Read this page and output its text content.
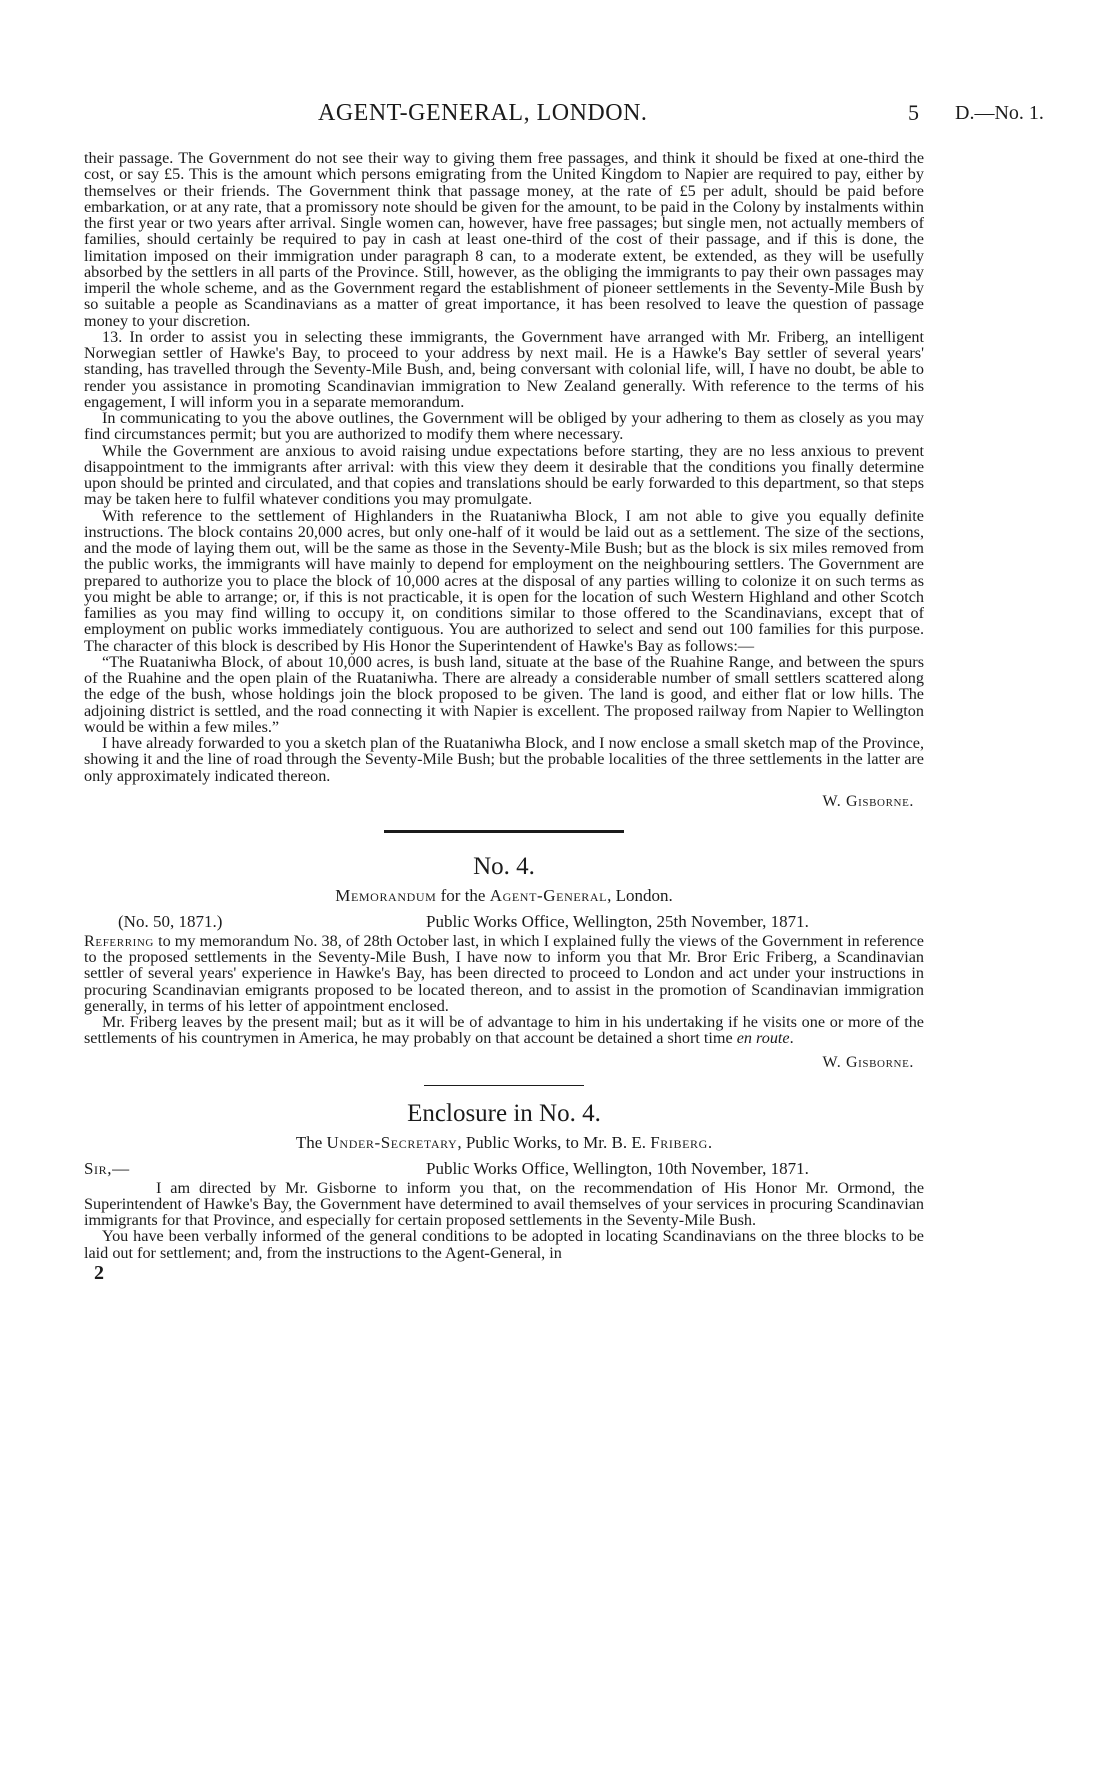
AGENT-GENERAL, LONDON.	5 D.—No. 1.

their passage. The Government do not see their way to giving them free passages, and think it should be fixed at one-third the cost, or say £5. This is the amount which persons emigrating from the United Kingdom to Napier are required to pay, either by themselves or their friends. The Government think that passage money, at the rate of £5 per adult, should be paid before embarkation, or at any rate, that a promissory note should be given for the amount, to be paid in the Colony by instalments within the first year or two years after arrival. Single women can, however, have free passages; but single men, not actually members of families, should certainly be required to pay in cash at least one-third of the cost of their passage, and if this is done, the limitation imposed on their immigration under paragraph 8 can, to a moderate extent, be extended, as they will be usefully absorbed by the settlers in all parts of the Province. Still, however, as the obliging the immigrants to pay their own passages may imperil the whole scheme, and as the Government regard the establishment of pioneer settlements in the Seventy-Mile Bush by so suitable a people as Scandinavians as a matter of great importance, it has been resolved to leave the question of passage money to your discretion.

13. In order to assist you in selecting these immigrants, the Government have arranged with Mr. Friberg, an intelligent Norwegian settler of Hawke's Bay, to proceed to your address by next mail. He is a Hawke's Bay settler of several years' standing, has travelled through the Seventy-Mile Bush, and, being conversant with colonial life, will, I have no doubt, be able to render you assistance in promoting Scandinavian immigration to New Zealand generally. With reference to the terms of his engagement, I will inform you in a separate memorandum.

In communicating to you the above outlines, the Government will be obliged by your adhering to them as closely as you may find circumstances permit; but you are authorized to modify them where necessary.

While the Government are anxious to avoid raising undue expectations before starting, they are no less anxious to prevent disappointment to the immigrants after arrival: with this view they deem it desirable that the conditions you finally determine upon should be printed and circulated, and that copies and translations should be early forwarded to this department, so that steps may be taken here to fulfil whatever conditions you may promulgate.

With reference to the settlement of Highlanders in the Ruataniwha Block, I am not able to give you equally definite instructions. The block contains 20,000 acres, but only one-half of it would be laid out as a settlement. The size of the sections, and the mode of laying them out, will be the same as those in the Seventy-Mile Bush; but as the block is six miles removed from the public works, the immigrants will have mainly to depend for employment on the neighbouring settlers. The Government are prepared to authorize you to place the block of 10,000 acres at the disposal of any parties willing to colonize it on such terms as you might be able to arrange; or, if this is not practicable, it is open for the location of such Western Highland and other Scotch families as you may find willing to occupy it, on conditions similar to those offered to the Scandinavians, except that of employment on public works immediately contiguous. You are authorized to select and send out 100 families for this purpose. The character of this block is described by His Honor the Superintendent of Hawke's Bay as follows:—

“The Ruataniwha Block, of about 10,000 acres, is bush land, situate at the base of the Ruahine Range, and between the spurs of the Ruahine and the open plain of the Ruataniwha. There are already a considerable number of small settlers scattered along the edge of the bush, whose holdings join the block proposed to be given. The land is good, and either flat or low hills. The adjoining district is settled, and the road connecting it with Napier is excellent. The proposed railway from Napier to Wellington would be within a few miles.”

I have already forwarded to you a sketch plan of the Ruataniwha Block, and I now enclose a small sketch map of the Province, showing it and the line of road through the Seventy-Mile Bush; but the probable localities of the three settlements in the latter are only approximately indicated thereon.

W. Gisborne.

No. 4.

Memorandum for the Agent-General, London.

(No. 50, 1871.)	Public Works Office, Wellington, 25th November, 1871.

Referring to my memorandum No. 38, of 28th October last, in which I explained fully the views of the Government in reference to the proposed settlements in the Seventy-Mile Bush, I have now to inform you that Mr. Bror Eric Friberg, a Scandinavian settler of several years' experience in Hawke's Bay, has been directed to proceed to London and act under your instructions in procuring Scandinavian emigrants proposed to be located thereon, and to assist in the promotion of Scandinavian immigration generally, in terms of his letter of appointment enclosed.

Mr. Friberg leaves by the present mail; but as it will be of advantage to him in his undertaking if he visits one or more of the settlements of his countrymen in America, he may probably on that account be detained a short time en route.

W. Gisborne.

Enclosure in No. 4.

The Under-Secretary, Public Works, to Mr. B. E. Friberg.

Sir,—	Public Works Office, Wellington, 10th November, 1871.

I am directed by Mr. Gisborne to inform you that, on the recommendation of His Honor Mr. Ormond, the Superintendent of Hawke's Bay, the Government have determined to avail themselves of your services in procuring Scandinavian immigrants for that Province, and especially for certain proposed settlements in the Seventy-Mile Bush.

You have been verbally informed of the general conditions to be adopted in locating Scandinavians on the three blocks to be laid out for settlement; and, from the instructions to the Agent-General, in

2
